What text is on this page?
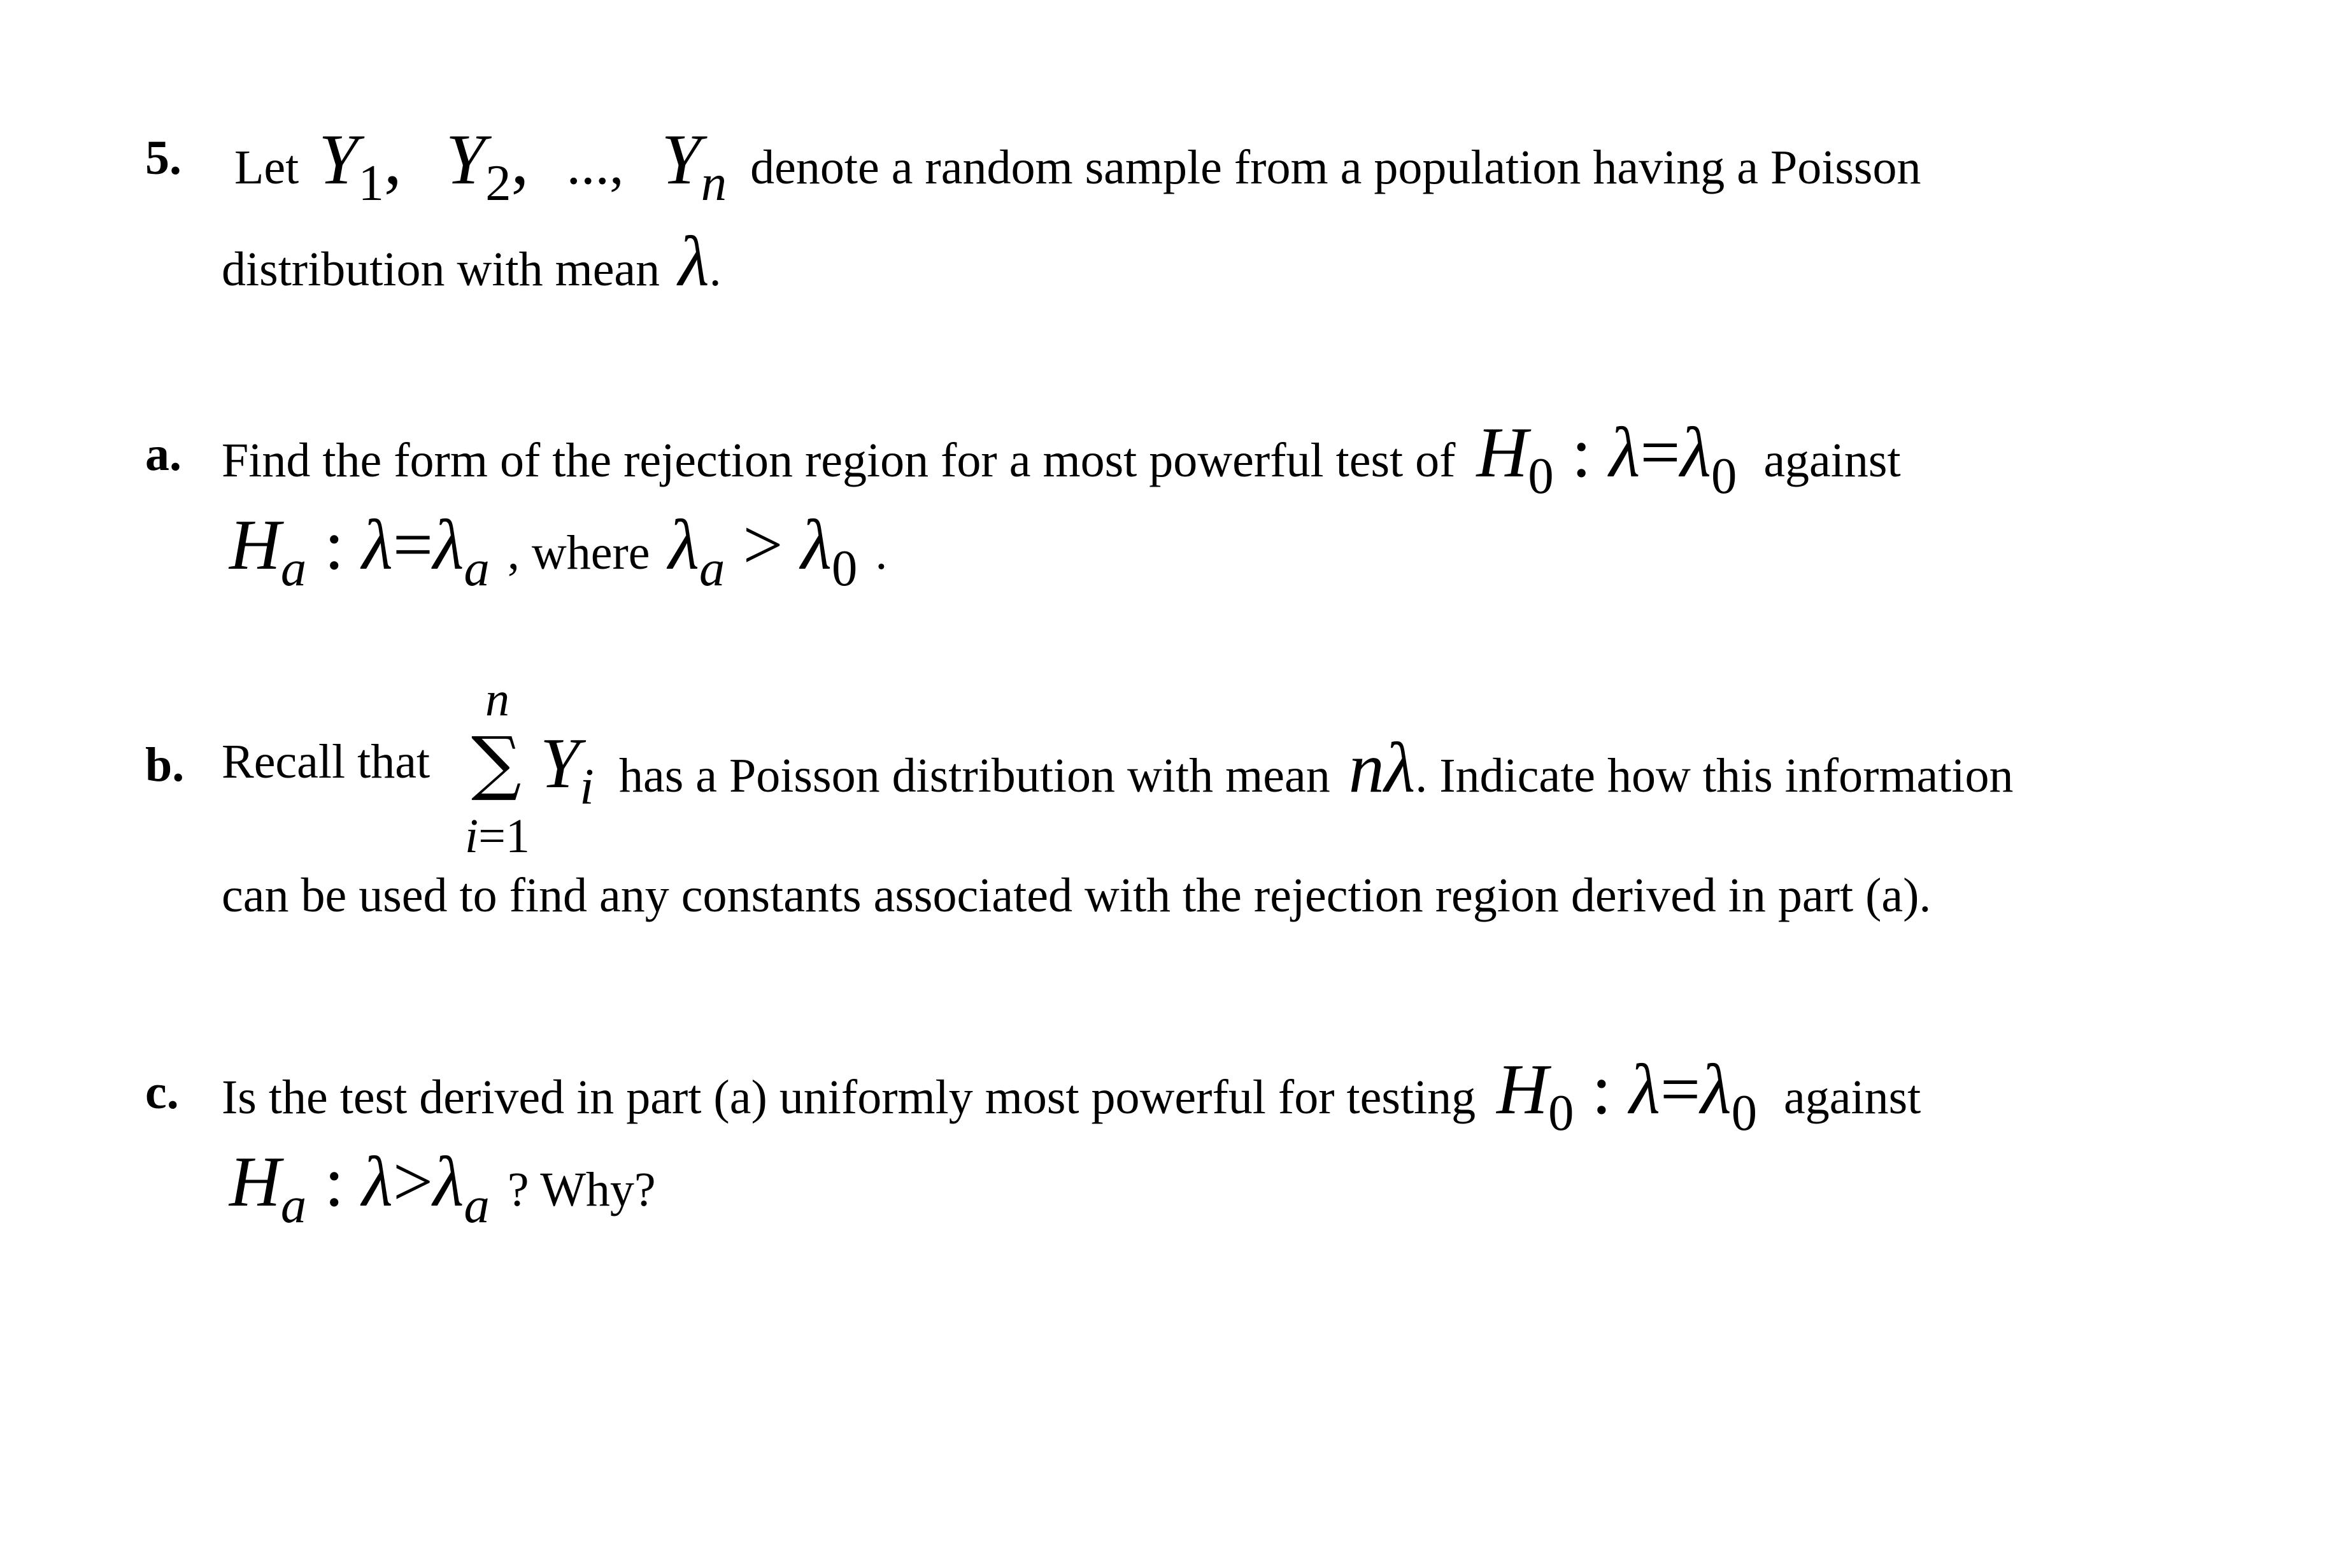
5. Let $Y_1$, $Y_2$, ..., $Y_n$ denote a random sample from a population having a Poisson
distribution with mean λ.
a. Find the form of the rejection region for a most powerful test of $H_0$ : $\lambda=\lambda_0$ against
$H_a$ : $\lambda=\lambda_a$ , where $\lambda_a > \lambda_0$ .
b. Recall that
n
∑ $Y_i$
i=1
has a Poisson distribution with mean nλ. Indicate how this information
can be used to find any constants associated with the rejection region derived in part (a).
c. Is the test derived in part (a) uniformly most powerful for testing $H_0$ : $\lambda=\lambda_0$ against
$H_a$ : $\lambda>\lambda_a$ ? Why?
